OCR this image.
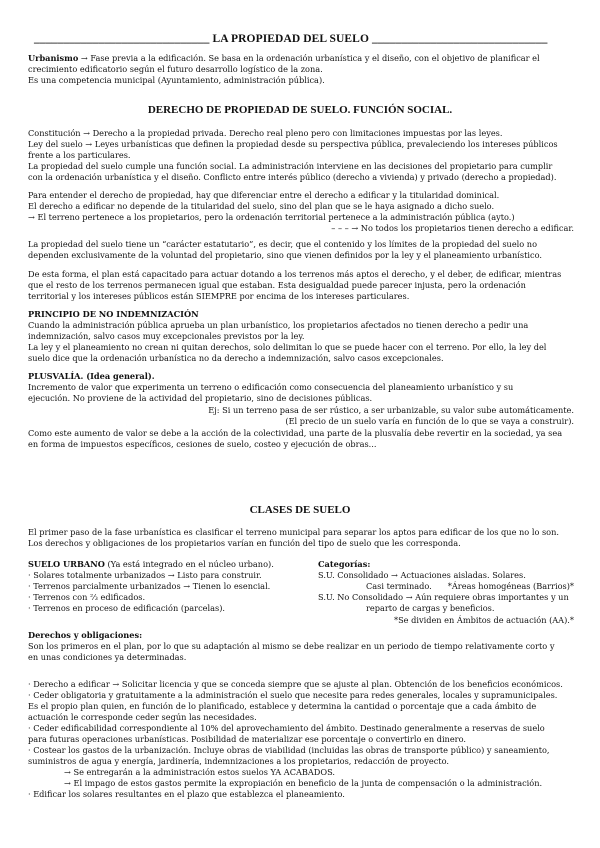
______________________________ LA PROPIEDAD DEL SUELO ______________________________
Urbanismo → Fase previa a la edificación. Se basa en la ordenación urbanística y el diseño, con el objetivo de planificar el
crecimiento edificatorio según el futuro desarrollo logístico de la zona.
Es una competencia municipal (Ayuntamiento, administración pública).
DERECHO DE PROPIEDAD DE SUELO. FUNCIÓN SOCIAL.
Constitución → Derecho a la propiedad privada. Derecho real pleno pero con limitaciones impuestas por las leyes.
Ley del suelo → Leyes urbanísticas que definen la propiedad desde su perspectiva pública, prevaleciendo los intereses públicos
frente a los particulares.
La propiedad del suelo cumple una función social. La administración interviene en las decisiones del propietario para cumplir
con la ordenación urbanística y el diseño. Conflicto entre interés público (derecho a vivienda) y privado (derecho a propiedad).
Para entender el derecho de propiedad, hay que diferenciar entre el derecho a edificar y la titularidad dominical.
El derecho a edificar no depende de la titularidad del suelo, sino del plan que se le haya asignado a dicho suelo.
→ El terreno pertenece a los propietarios, pero la ordenación territorial pertenece a la administración pública (ayto.)
– – – → No todos los propietarios tienen derecho a edificar.
La propiedad del suelo tiene un “carácter estatutario”, es decir, que el contenido y los límites de la propiedad del suelo no
dependen exclusivamente de la voluntad del propietario, sino que vienen definidos por la ley y el planeamiento urbanístico.
De esta forma, el plan está capacitado para actuar dotando a los terrenos más aptos el derecho, y el deber, de edificar, mientras
que el resto de los terrenos permanecen igual que estaban. Esta desigualdad puede parecer injusta, pero la ordenación
territorial y los intereses públicos están SIEMPRE por encima de los intereses particulares.
PRINCIPIO DE NO INDEMNIZACIÓN
Cuando la administración pública aprueba un plan urbanístico, los propietarios afectados no tienen derecho a pedir una
indemnización, salvo casos muy excepcionales previstos por la ley.
La ley y el planeamiento no crean ni quitan derechos, solo delimitan lo que se puede hacer con el terreno. Por ello, la ley del
suelo dice que la ordenación urbanística no da derecho a indemnización, salvo casos excepcionales.
PLUSVALÍA. (Idea general).
Incremento de valor que experimenta un terreno o edificación como consecuencia del planeamiento urbanístico y su
ejecución. No proviene de la actividad del propietario, sino de decisiones públicas.
Ej: Si un terreno pasa de ser rústico, a ser urbanizable, su valor sube automáticamente.
(El precio de un suelo varía en función de lo que se vaya a construir).
Como este aumento de valor se debe a la acción de la colectividad, una parte de la plusvalía debe revertir en la sociedad, ya sea
en forma de impuestos específicos, cesiones de suelo, costeo y ejecución de obras...
CLASES DE SUELO
El primer paso de la fase urbanística es clasificar el terreno municipal para separar los aptos para edificar de los que no lo son.
Los derechos y obligaciones de los propietarios varían en función del tipo de suelo que les corresponda.
SUELO URBANO (Ya está integrado en el núcleo urbano).
· Solares totalmente urbanizados → Listo para construir.
· Terrenos parcialmente urbanizados → Tienen lo esencial.
· Terrenos con ⅔ edificados.
· Terrenos en proceso de edificación (parcelas).
Categorías:
S.U. Consolidado → Actuaciones aisladas. Solares.
Casi terminado. *Áreas homogéneas (Barrios)*
S.U. No Consolidado → Aún requiere obras importantes y un
reparto de cargas y beneficios.
*Se dividen en Ámbitos de actuación (AA).*
Derechos y obligaciones:
Son los primeros en el plan, por lo que su adaptación al mismo se debe realizar en un periodo de tiempo relativamente corto y
en unas condiciones ya determinadas.
· Derecho a edificar → Solicitar licencia y que se conceda siempre que se ajuste al plan. Obtención de los beneficios económicos.
· Ceder obligatoria y gratuitamente a la administración el suelo que necesite para redes generales, locales y supramunicipales.
Es el propio plan quien, en función de lo planificado, establece y determina la cantidad o porcentaje que a cada ámbito de
actuación le corresponde ceder según las necesidades.
· Ceder edificabilidad correspondiente al 10% del aprovechamiento del ámbito. Destinado generalmente a reservas de suelo
para futuras operaciones urbanísticas. Posibilidad de materializar ese porcentaje o convertirlo en dinero.
· Costear los gastos de la urbanización. Incluye obras de viabilidad (incluidas las obras de transporte público) y saneamiento,
suministros de agua y energía, jardinería, indemnizaciones a los propietarios, redacción de proyecto.
→ Se entregarán a la administración estos suelos YA ACABADOS.
→ El impago de estos gastos permite la expropiación en beneficio de la junta de compensación o la administración.
· Edificar los solares resultantes en el plazo que establezca el planeamiento.
